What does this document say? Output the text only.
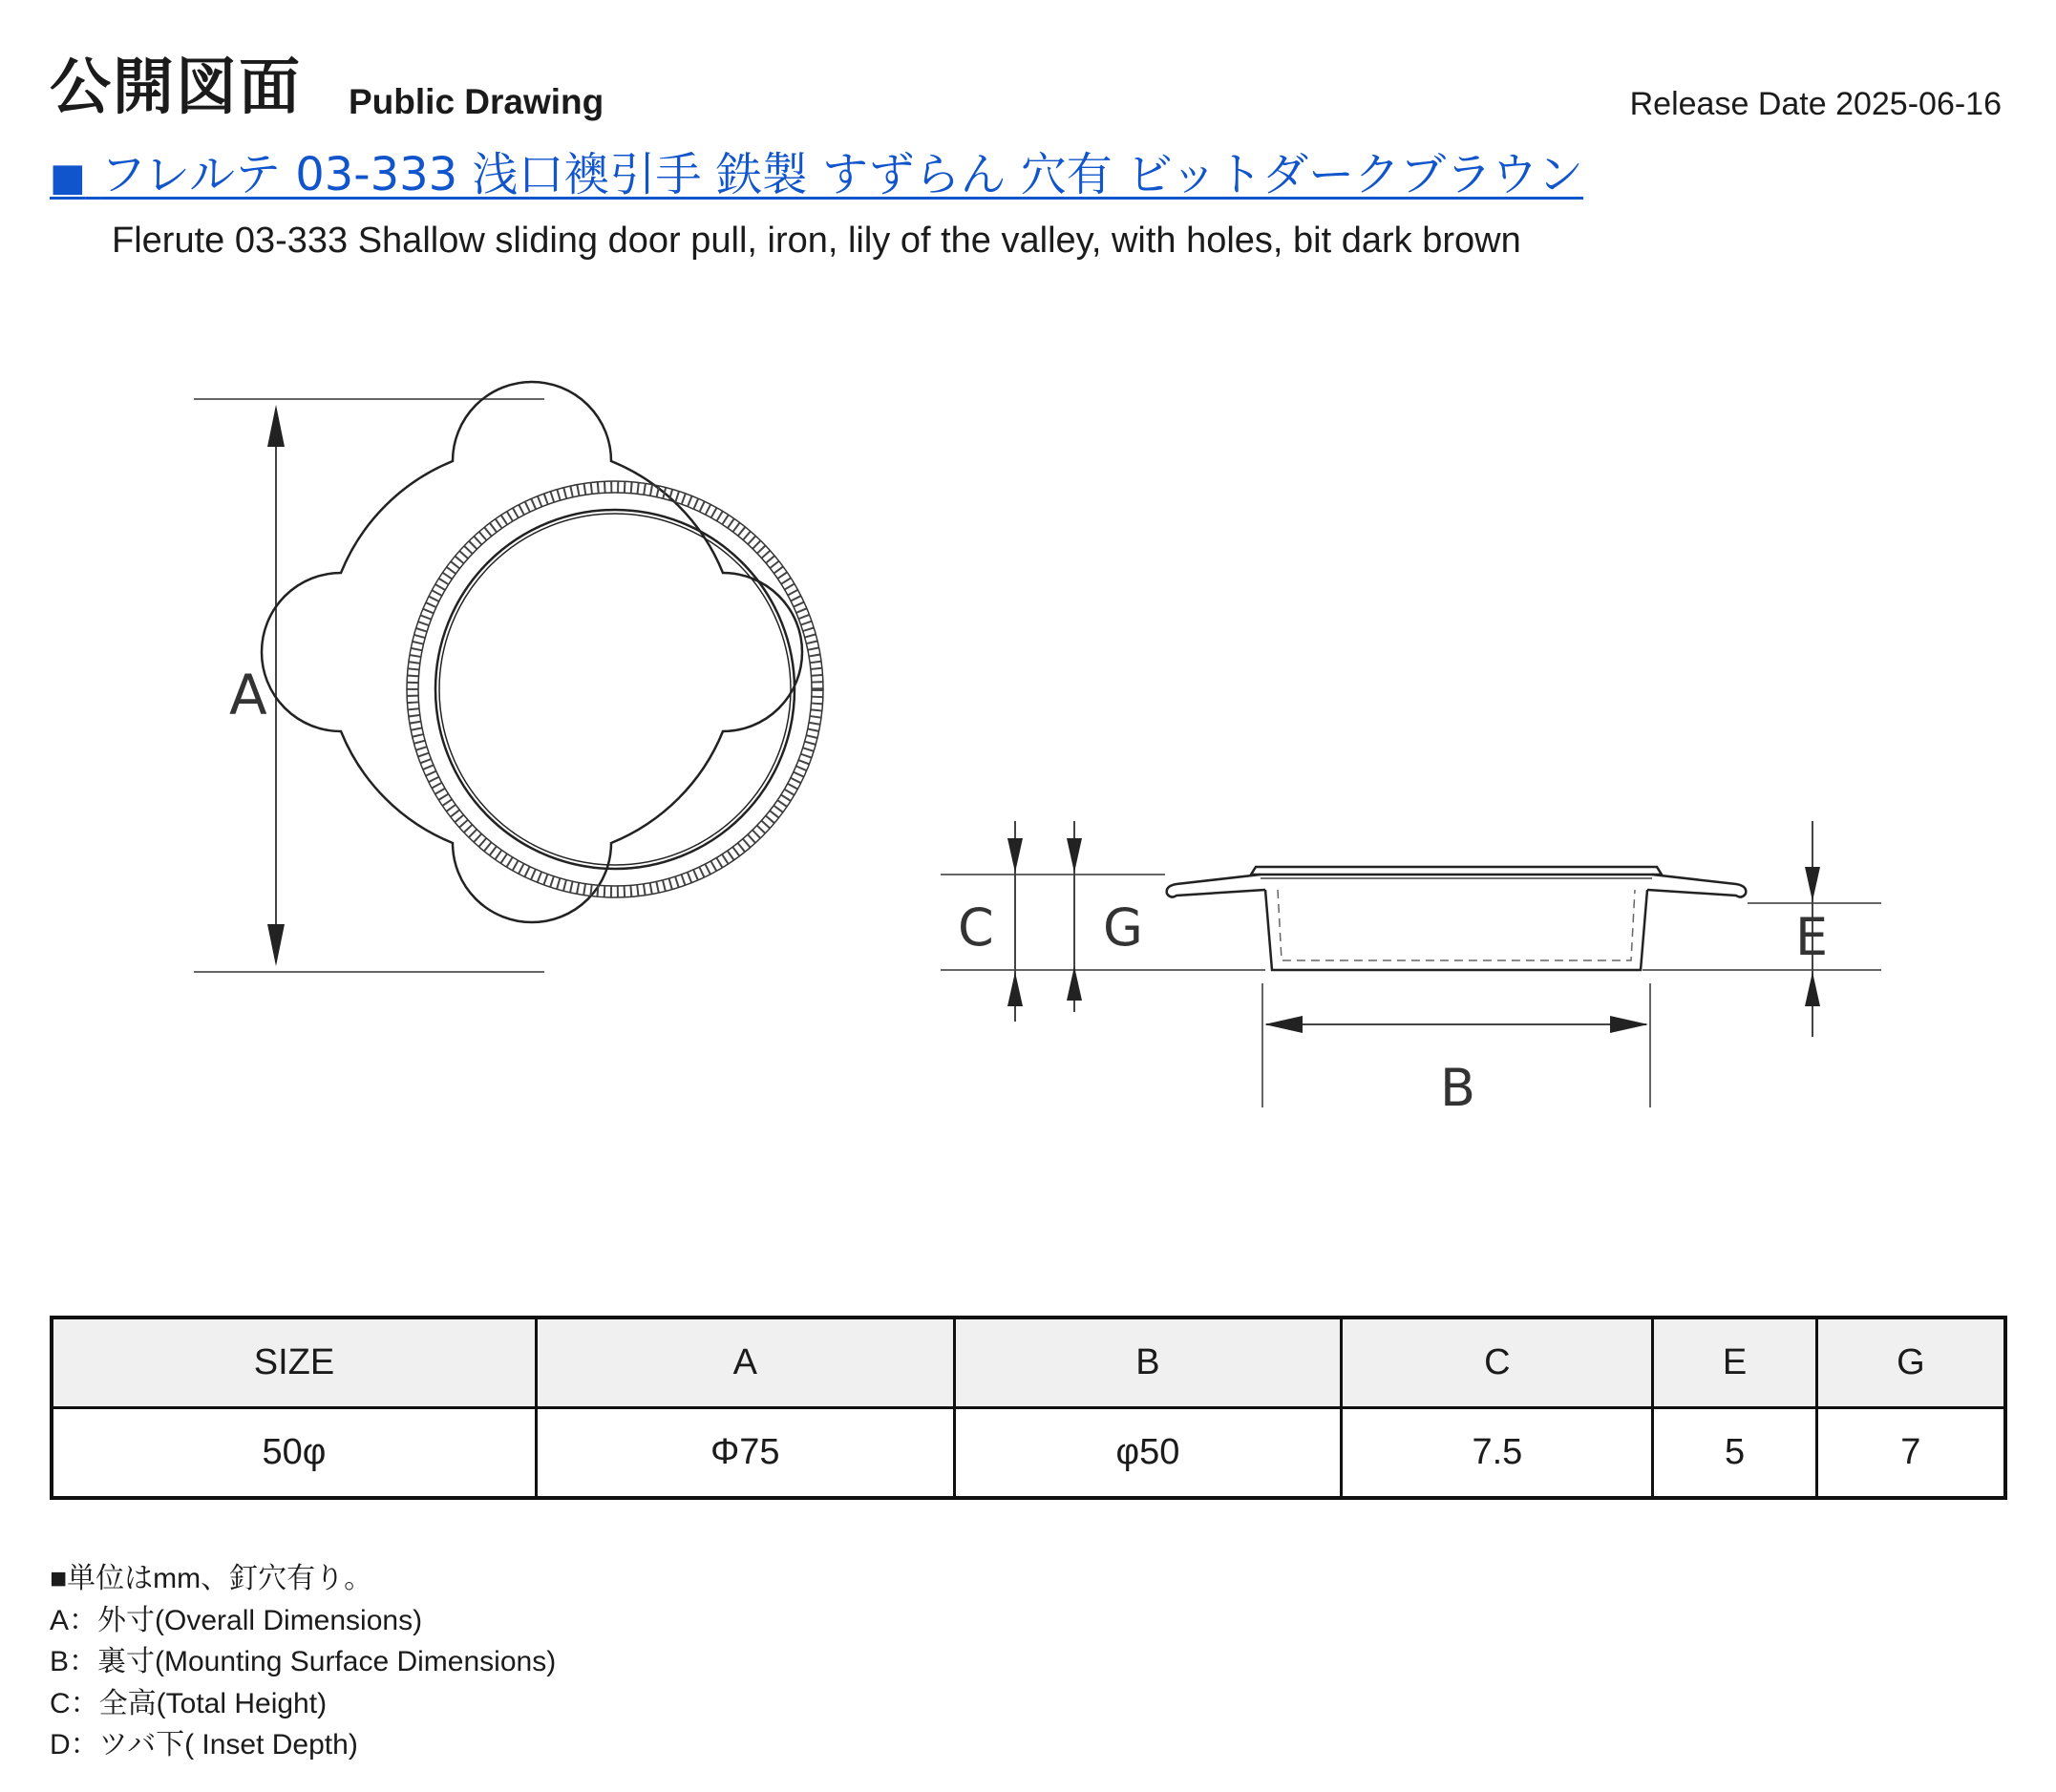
公開図面 Public Drawing	Release Date 2025-06-16
■ フレルテ 03-333 浅口襖引手 鉄製 すずらん 穴有 ビットダークブラウン
Flerute 03-333 Shallow sliding door pull, iron, lily of the valley, with holes, bit dark brown
A
C G	E
B
SIZE	A	B	C	E	G
50φ	Φ75	φ50	7.5	5	7
■単位はmm、釘穴有り。
A：外寸(Overall Dimensions)
B：裏寸(Mounting Surface Dimensions)
C：全高(Total Height)
D：ツバ下( Inset Depth)
